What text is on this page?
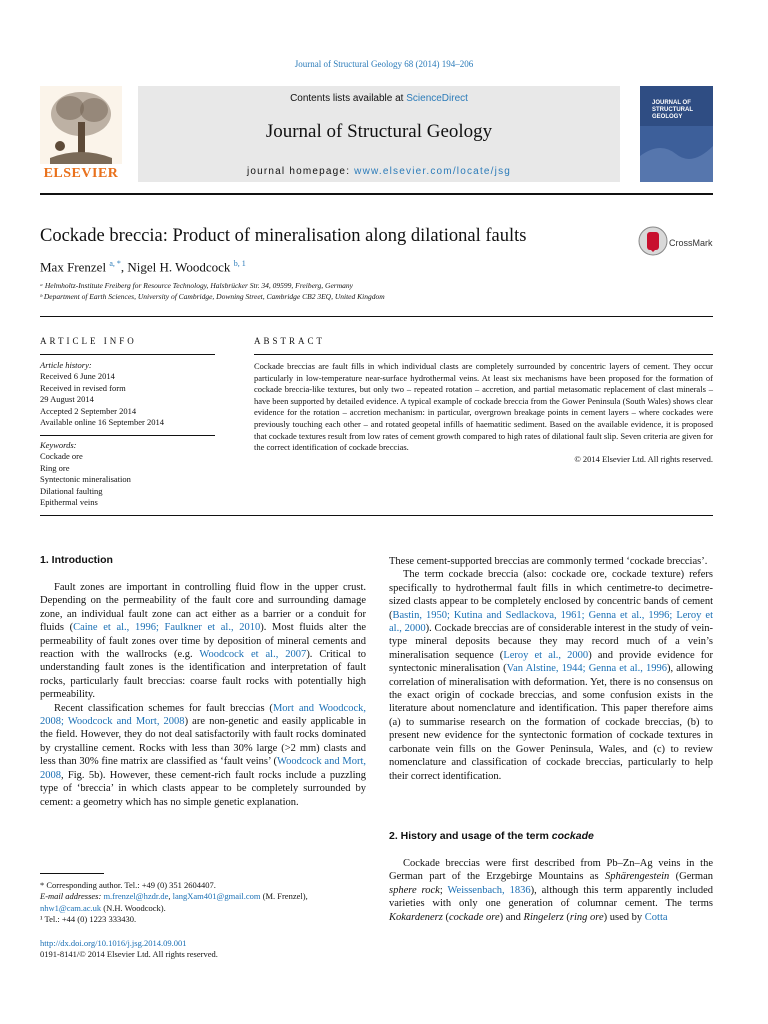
Journal of Structural Geology 68 (2014) 194–206
ELSEVIER
Contents lists available at ScienceDirect
Journal of Structural Geology
journal homepage: www.elsevier.com/locate/jsg
JOURNAL OF STRUCTURAL GEOLOGY
Cockade breccia: Product of mineralisation along dilational faults	CrossMark
Max Frenzel $^{a, *}$, Nigel H. Woodcock $^{b, 1}$
ᵃ Helmholtz-Institute Freiberg for Resource Technology, Halsbrücker Str. 34, 09599, Freiberg, Germany
ᵇ Department of Earth Sciences, University of Cambridge, Downing Street, Cambridge CB2 3EQ, United Kingdom
ARTICLE INFO
Article history:
Received 6 June 2014
Received in revised form
29 August 2014
Accepted 2 September 2014
Available online 16 September 2014
Keywords:
Cockade ore
Ring ore
Syntectonic mineralisation
Dilational faulting
Epithermal veins
ABSTRACT

Cockade breccias are fault fills in which individual clasts are completely surrounded by concentric layers of cement. They occur particularly in low-temperature near-surface hydrothermal veins. At least six mechanisms have been proposed for the formation of cockade breccia-like textures, but only two – repeated rotation – accretion, and partial metasomatic replacement of clast minerals – have been supported by detailed evidence. A typical example of cockade breccia from the Gower Peninsula (South Wales) shows clear evidence for the rotation – accretion mechanism: in particular, overgrown breakage points in cement layers – where cockades were previously touching each other – and rotated geopetal infills of haematitic sediment. Based on the available evidence, it is proposed that cockade textures result from low rates of cement growth compared to high rates of dilational fault slip. Seven criteria are given for the correct identification of cockade breccias.

© 2014 Elsevier Ltd. All rights reserved.

1. Introduction

Fault zones are important in controlling fluid flow in the upper crust. Depending on the permeability of the fault core and surrounding damage zone, an individual fault zone can act either as a barrier or a conduit for fluids (Caine et al., 1996; Faulkner et al., 2010). Most fluids alter the permeability of fault zones over time by deposition of mineral cements and reaction with the wallrocks (e.g. Woodcock et al., 2007). Critical to understanding fault zones is the identification and interpretation of fault rocks, particularly fault breccias: coarse fault rocks with potentially high permeability.

Recent classification schemes for fault breccias (Mort and Woodcock, 2008; Woodcock and Mort, 2008) are non-genetic and easily applicable in the field. However, they do not deal satisfactorily with fault rocks dominated by crystalline cement. Rocks with less than 30% large (>2 mm) clasts and less than 30% fine matrix are classified as ‘fault veins’ (Woodcock and Mort, 2008, Fig. 5b). However, these cement-rich fault rocks include a puzzling type of ‘breccia’ in which clasts appear to be completely surrounded by cement: a geometry which has no simple genetic explanation.

These cement-supported breccias are commonly termed ‘cockade breccias’.

The term cockade breccia (also: cockade ore, cockade texture) refers specifically to hydrothermal fault fills in which centimetre-to decimetre-sized clasts appear to be completely enclosed by concentric bands of cement (Bastin, 1950; Kutina and Sedlackova, 1961; Genna et al., 1996; Leroy et al., 2000). Cockade breccias are of considerable interest in the study of vein-type mineral deposits because they may record much of a vein’s mineralisation sequence (Leroy et al., 2000) and provide evidence for syntectonic mineralisation (Van Alstine, 1944; Genna et al., 1996), allowing correlation of mineralisation with deformation. Yet, there is no consensus on the exact origin of cockade breccias, and some confusion exists in the literature about nomenclature and identification. This paper therefore aims (a) to summarise research on the formation of cockade breccias, (b) to present new evidence for the syntectonic formation of cockade textures in carbonate vein fills on the Gower Peninsula, Wales, and (c) to review nomenclature and classification of cockade breccias, particularly to help their correct identification.

2. History and usage of the term cockade

Cockade breccias were first described from Pb–Zn–Ag veins in the German part of the Erzgebirge Mountains as Sphärengestein (German sphere rock; Weissenbach, 1836), although this term apparently included varieties with only one generation of columnar cement. The terms Kokardenerz (cockade ore) and Ringelerz (ring ore) used by Cotta

* Corresponding author. Tel.: +49 (0) 351 2604407.
E-mail addresses: m.frenzel@hzdr.de, langXam401@gmail.com (M. Frenzel), nhw1@cam.ac.uk (N.H. Woodcock).
¹ Tel.: +44 (0) 1223 333430.
http://dx.doi.org/10.1016/j.jsg.2014.09.001
0191-8141/© 2014 Elsevier Ltd. All rights reserved.
